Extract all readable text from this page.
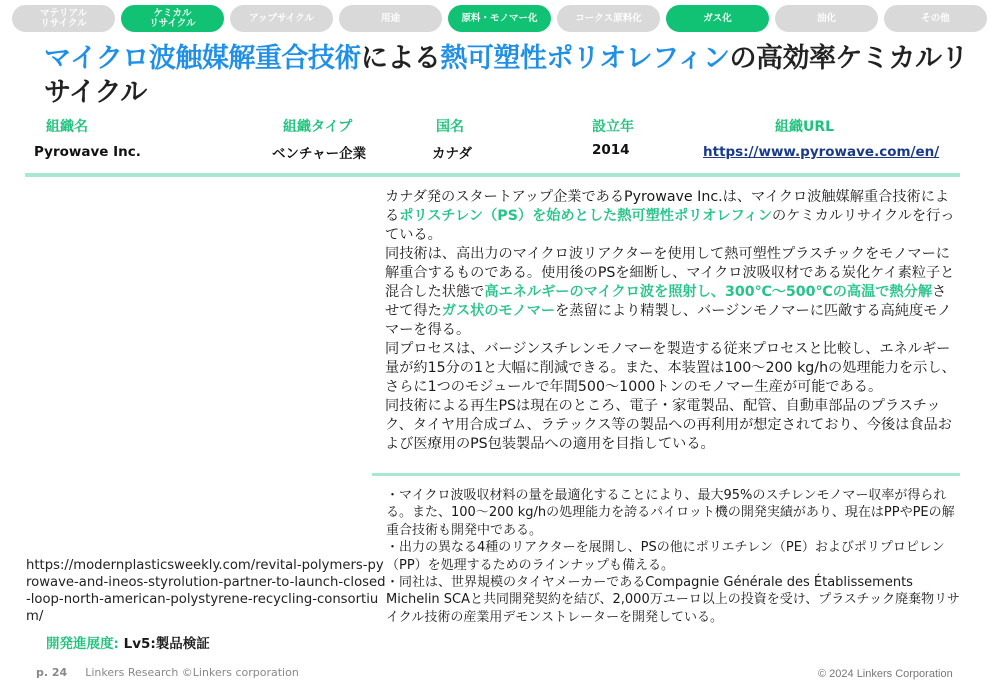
マテリアル
リサイクル
ケミカル
リサイクル	アップサイクル	用途	原料・モノマー化	コークス原料化	ガス化	油化	その他
マイクロ波触媒解重合技術による熱可塑性ポリオレフィンの高効率ケミカルリサイクル
組織名	組織タイプ	国名	設立年	組織URL
Pyrowave Inc.	ベンチャー企業	カナダ	2014	https://www.pyrowave.com/en/

カナダ発のスタートアップ企業であるPyrowave Inc.は、マイクロ波触媒解重合技術によるポリスチレン（PS）を始めとした熱可塑性ポリオレフィンのケミカルリサイクルを行っている。

同技術は、高出力のマイクロ波リアクターを使用して熱可塑性プラスチックをモノマーに解重合するものである。使用後のPSを細断し、マイクロ波吸収材である炭化ケイ素粒子と混合した状態で高エネルギーのマイクロ波を照射し、300℃～500℃の高温で熱分解させて得たガス状のモノマーを蒸留により精製し、バージンモノマーに匹敵する高純度モノマーを得る。

同プロセスは、バージンスチレンモノマーを製造する従来プロセスと比較し、エネルギー量が約15分の1と大幅に削減できる。また、本装置は100～200 kg/hの処理能力を示し、さらに1つのモジュールで年間500～1000トンのモノマー生産が可能である。

同技術による再生PSは現在のところ、電子・家電製品、配管、自動車部品のプラスチック、タイヤ用合成ゴム、ラテックス等の製品への再利用が想定されており、今後は食品および医療用のPS包装製品への適用を目指している。

・マイクロ波吸収材料の量を最適化することにより、最大95%のスチレンモノマー収率が得られる。また、100～200 kg/hの処理能力を誇るパイロット機の開発実績があり、現在はPPやPEの解重合技術も開発中である。

・出力の異なる4種のリアクターを展開し、PSの他にポリエチレン（PE）およびポリプロピレン（PP）を処理するためのラインナップも備える。

・同社は、世界規模のタイヤメーカーであるCompagnie Générale des Établissements Michelin SCAと共同開発契約を結び、2,000万ユーロ以上の投資を受け、プラスチック廃棄物リサイクル技術の産業用デモンストレーターを開発している。

https://modernplasticsweekly.com/revital-polymers-pyrowave-and-ineos-styrolution-partner-to-launch-closed-loop-north-american-polystyrene-recycling-consortium/
開発進展度: Lv5:製品検証
p. 24 Linkers Research ©Linkers corporation	© 2024 Linkers Corporation
